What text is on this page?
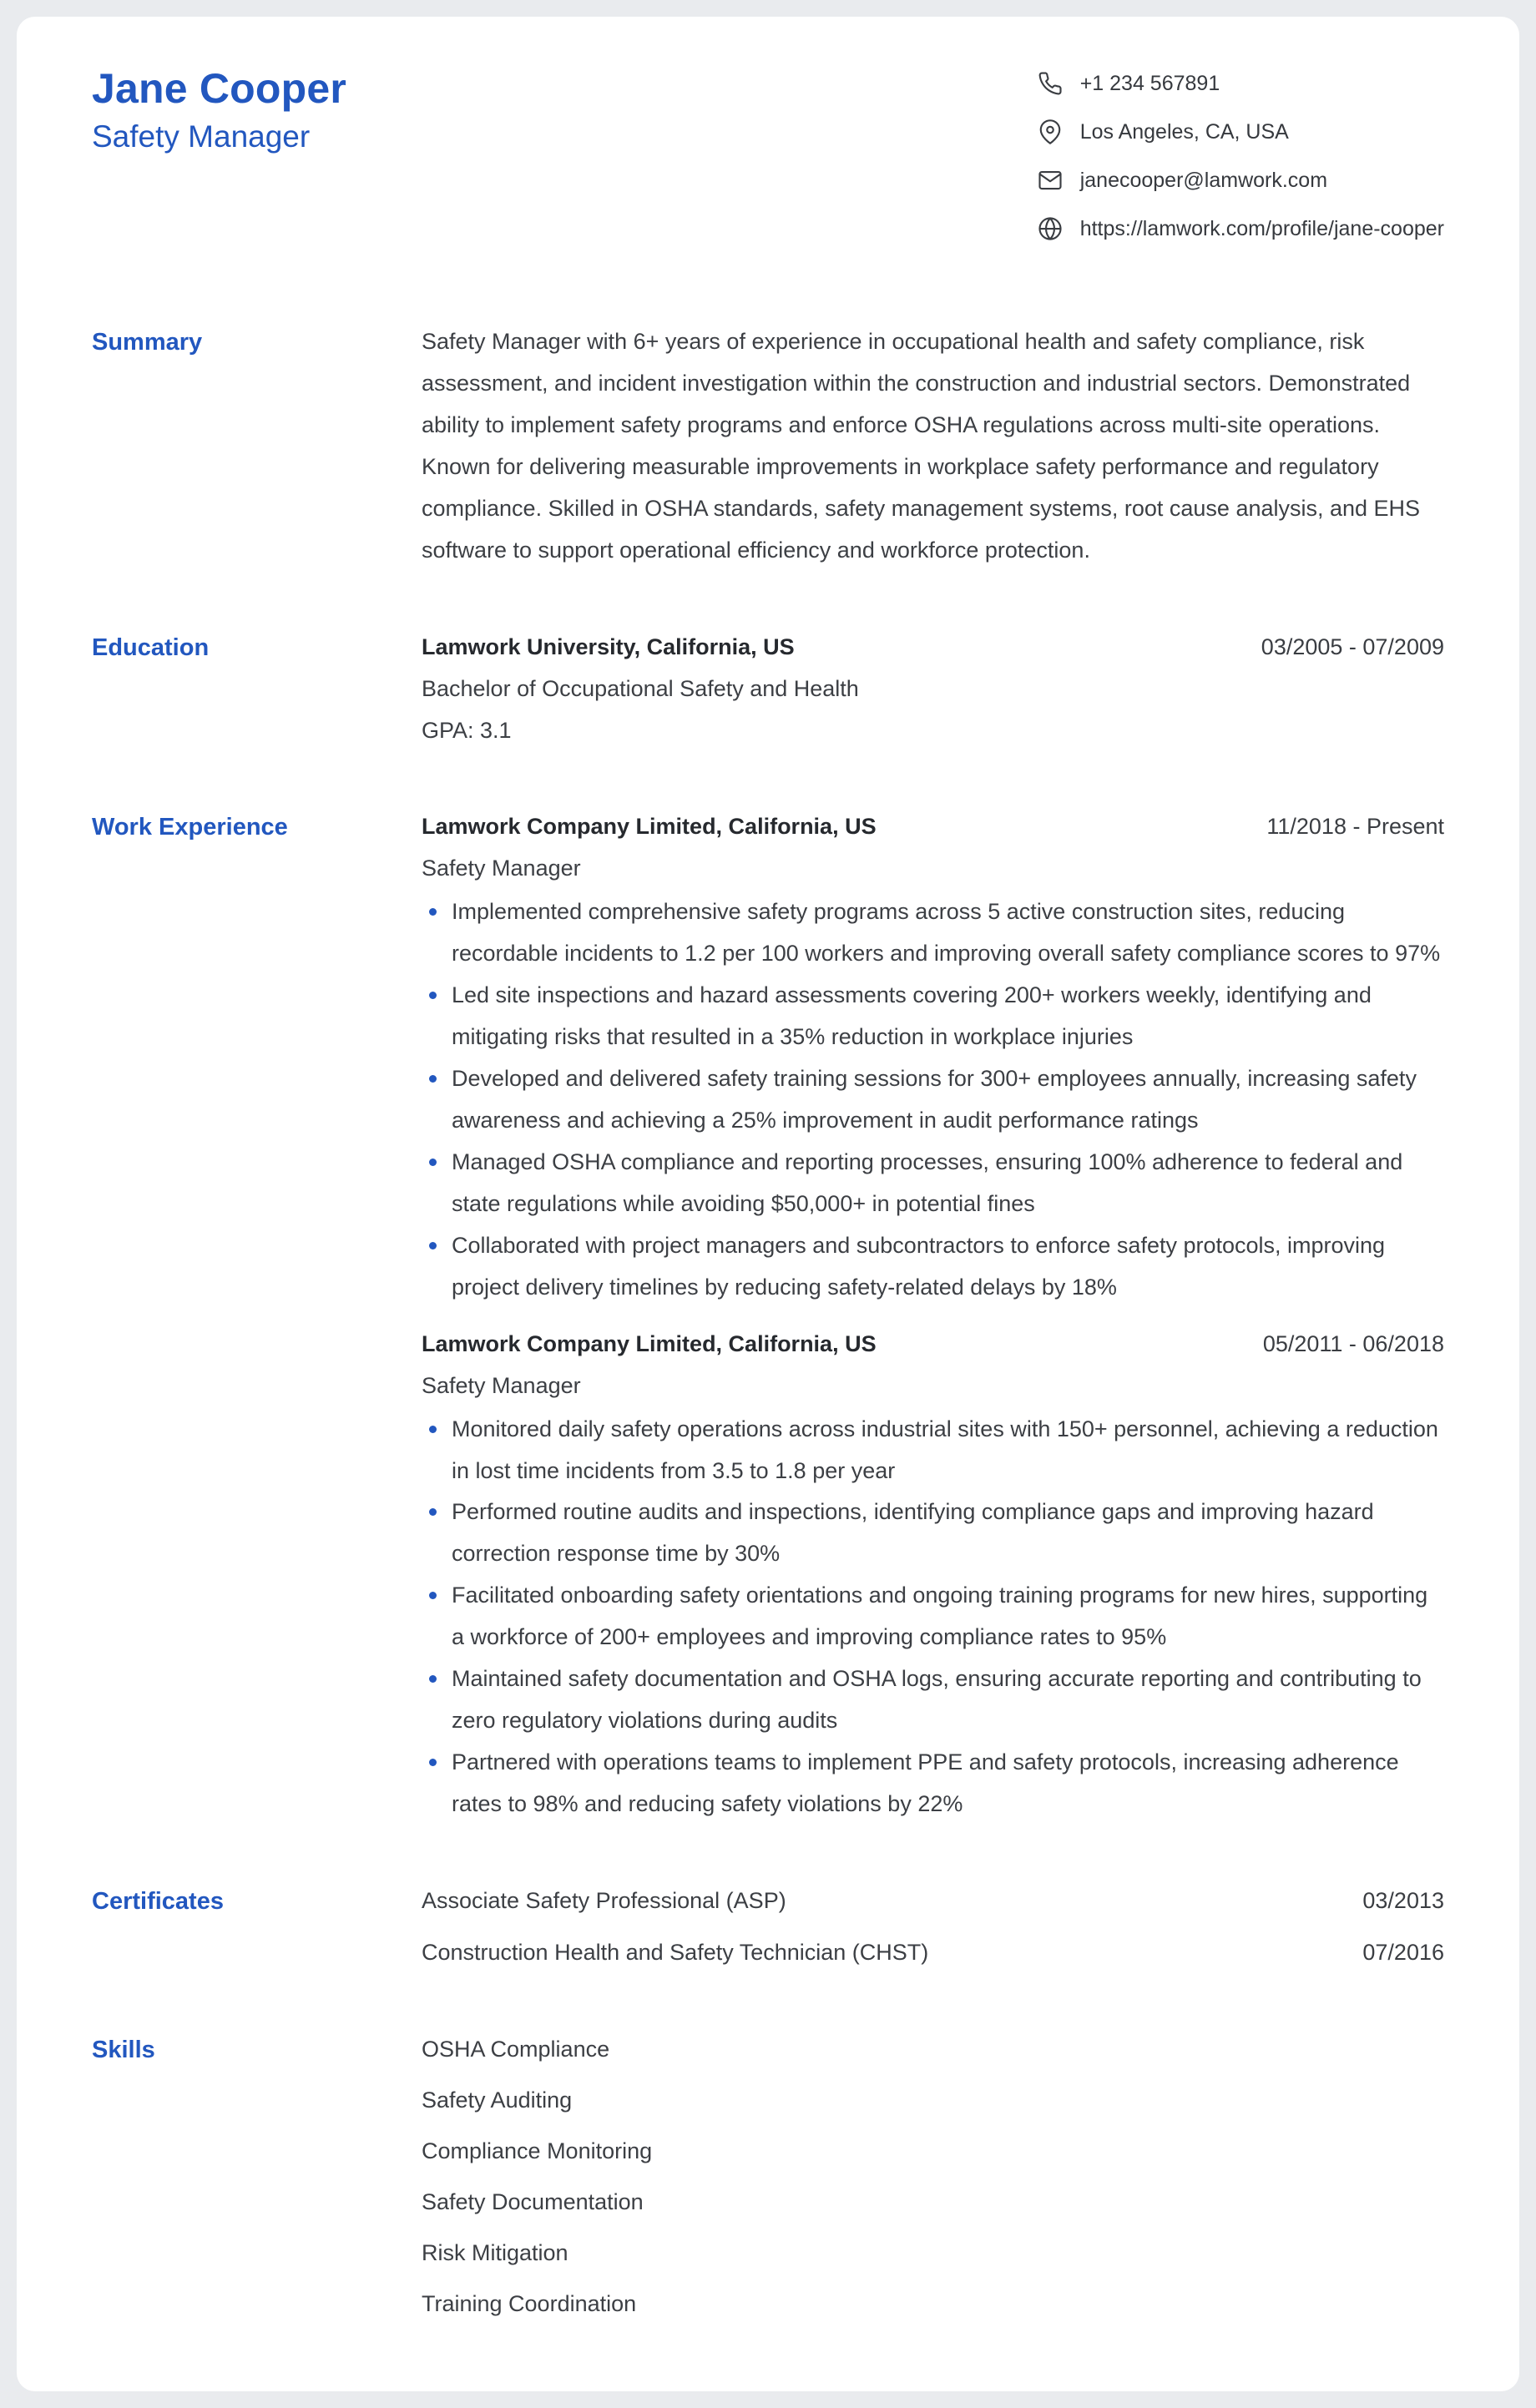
Jane Cooper
Safety Manager
+1 234 567891
Los Angeles, CA, USA
janecooper@lamwork.com
https://lamwork.com/profile/jane-cooper
Summary	Safety Manager with 6+ years of experience in occupational health and safety compliance, risk assessment, and incident investigation within the construction and industrial sectors. Demonstrated ability to implement safety programs and enforce OSHA regulations across multi-site operations. Known for delivering measurable improvements in workplace safety performance and regulatory compliance. Skilled in OSHA standards, safety management systems, root cause analysis, and EHS software to support operational efficiency and workforce protection.

Education	Lamwork University, California, US	03/2005 - 07/2009
Bachelor of Occupational Safety and Health
GPA: 3.1
Work Experience	Lamwork Company Limited, California, US	11/2018 - Present
Safety Manager
Implemented comprehensive safety programs across 5 active construction sites, reducing recordable incidents to 1.2 per 100 workers and improving overall safety compliance scores to 97%
Led site inspections and hazard assessments covering 200+ workers weekly, identifying and mitigating risks that resulted in a 35% reduction in workplace injuries
Developed and delivered safety training sessions for 300+ employees annually, increasing safety awareness and achieving a 25% improvement in audit performance ratings
Managed OSHA compliance and reporting processes, ensuring 100% adherence to federal and state regulations while avoiding $50,000+ in potential fines
Collaborated with project managers and subcontractors to enforce safety protocols, improving project delivery timelines by reducing safety-related delays by 18%
Lamwork Company Limited, California, US	05/2011 - 06/2018
Safety Manager
Monitored daily safety operations across industrial sites with 150+ personnel, achieving a reduction in lost time incidents from 3.5 to 1.8 per year
Performed routine audits and inspections, identifying compliance gaps and improving hazard correction response time by 30%
Facilitated onboarding safety orientations and ongoing training programs for new hires, supporting a workforce of 200+ employees and improving compliance rates to 95%
Maintained safety documentation and OSHA logs, ensuring accurate reporting and contributing to zero regulatory violations during audits
Partnered with operations teams to implement PPE and safety protocols, increasing adherence rates to 98% and reducing safety violations by 22%
Certificates	Associate Safety Professional (ASP)	03/2013
Construction Health and Safety Technician (CHST)	07/2016
Skills	OSHA Compliance
Safety Auditing
Compliance Monitoring
Safety Documentation
Risk Mitigation
Training Coordination
